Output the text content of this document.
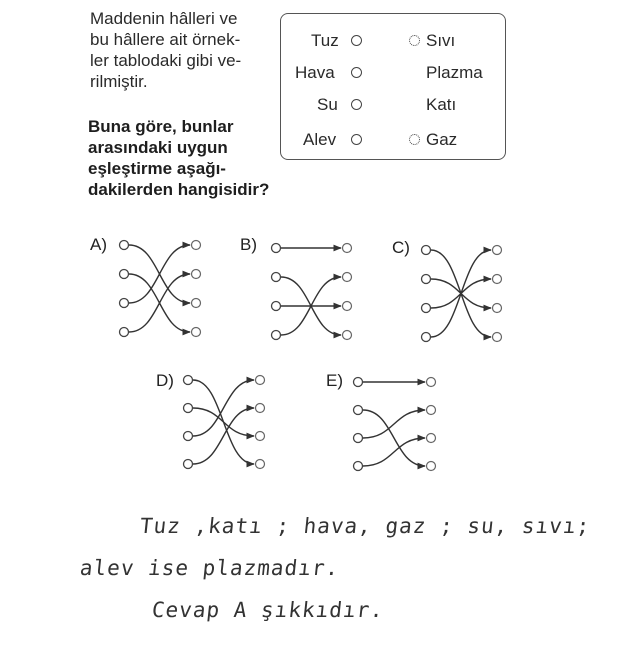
Maddenin hâlleri ve
bu hâllere ait örnek-
ler tablodaki gibi ve-
rilmiştir.
Buna göre, bunlar
arasındaki uygun
eşleştirme aşağı-
dakilerden hangisidir?
Tuz
Hava
Su
Alev
Sıvı
Plazma
Katı
Gaz
A)	B)	C)
D)	E)
Tuz ,katı ; hava, gaz ; su, sıvı;
alev ise plazmadır.
Cevap A şıkkıdır.
